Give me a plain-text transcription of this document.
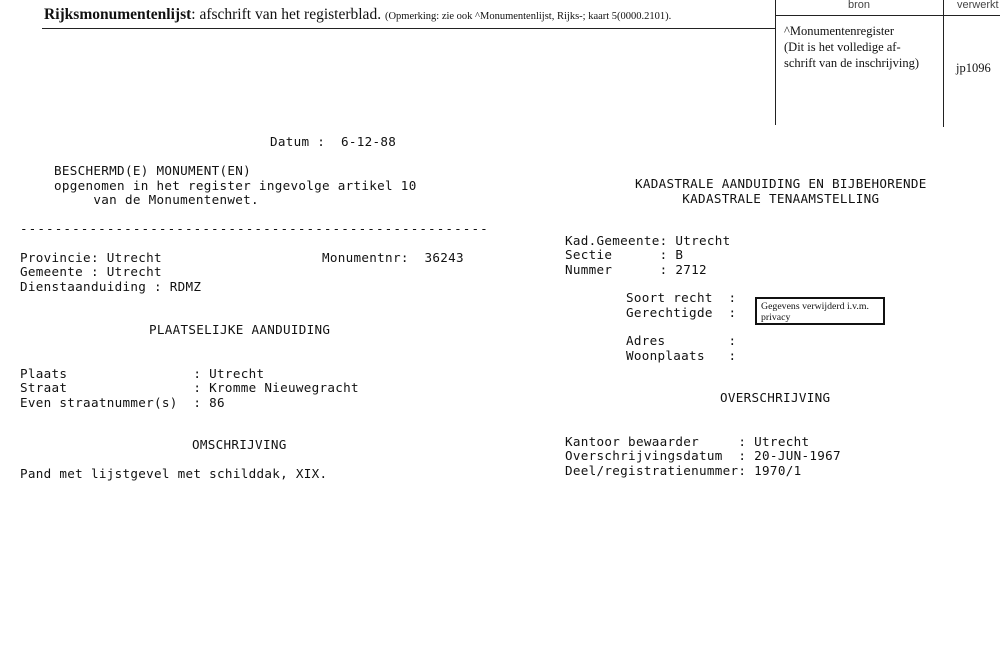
Rijksmonumentenlijst: afschrift van het registerblad. (Opmerking: zie ook ^Monumentenlijst, Rijks-; kaart 5(0000.2101).
bron	verwerkt
^Monumentenregister
(Dit is het volledige af-
schrift van de inschrijving)	jp1096
Datum :  6-12-88
BESCHERMD(E) MONUMENT(EN)
opgenomen in het register ingevolge artikel 10
van de Monumentenwet.
------------------------------------------------------
Provincie: Utrecht	Monumentnr:  36243
Gemeente : Utrecht
Dienstaanduiding : RDMZ
PLAATSELIJKE AANDUIDING
Plaats                : Utrecht
Straat                : Kromme Nieuwegracht
Even straatnummer(s)  : 86
OMSCHRIJVING
Pand met lijstgevel met schilddak, XIX.
KADASTRALE AANDUIDING EN BIJBEHORENDE
KADASTRALE TENAAMSTELLING
Kad.Gemeente: Utrecht
Sectie      : B
Nummer      : 2712
Soort recht  :
Gerechtigde  :	Gegevens verwijderd i.v.m. privacy
Adres        :
Woonplaats   :
OVERSCHRIJVING
Kantoor bewaarder     : Utrecht
Overschrijvingsdatum  : 20-JUN-1967
Deel/registratienummer: 1970/1
